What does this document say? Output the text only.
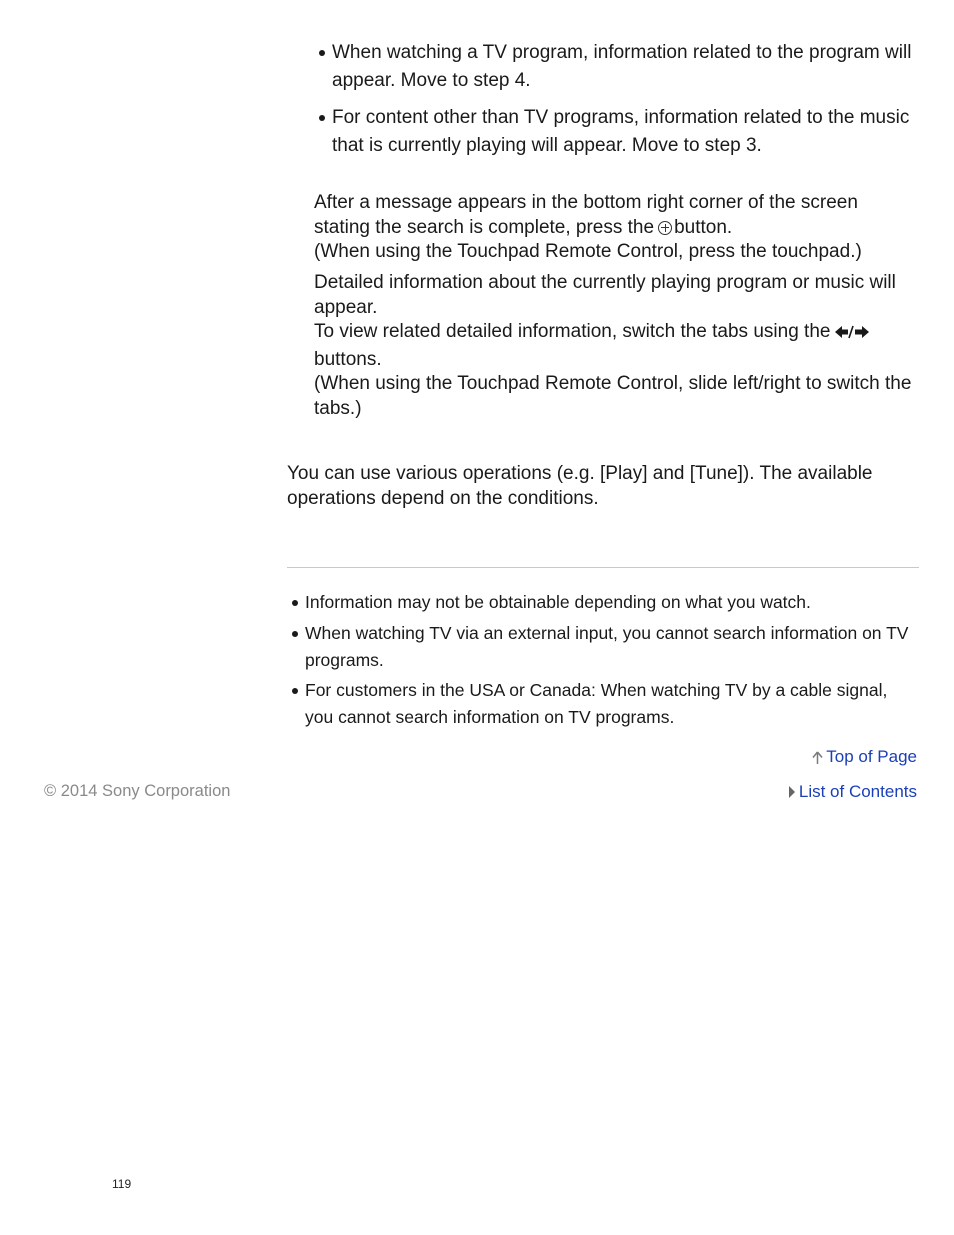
When watching a TV program, information related to the program will appear. Move to step 4.
For content other than TV programs, information related to the music that is currently playing will appear. Move to step 3.
After a message appears in the bottom right corner of the screen
stating the search is complete, press the button.
(When using the Touchpad Remote Control, press the touchpad.)
Detailed information about the currently playing program or music will appear.
To view related detailed information, switch the tabs using the
buttons.
(When using the Touchpad Remote Control, slide left/right to switch the tabs.)
You can use various operations (e.g. [Play] and [Tune]). The available operations depend on the conditions.
Information may not be obtainable depending on what you watch.
When watching TV via an external input, you cannot search information on TV programs.
For customers in the USA or Canada: When watching TV by a cable signal, you cannot search information on TV programs.
Top of Page
© 2014 Sony Corporation	List of Contents
119
